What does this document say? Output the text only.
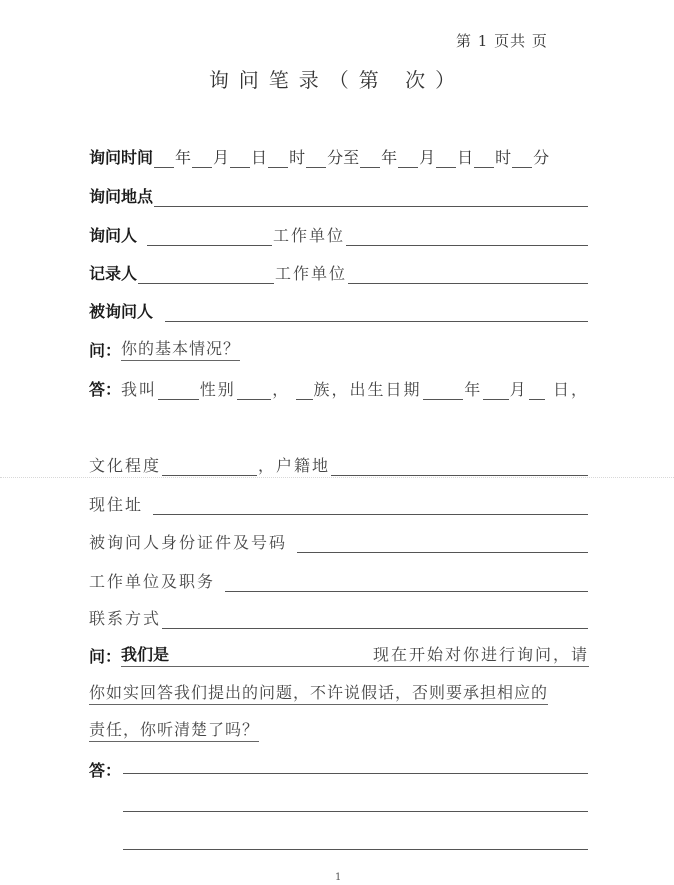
第 1 页共 页
询问笔录（第 次）
询问时间 年 月 日 时 分至 年 月 日 时 分
询问地点
询问人	工作单位
记录人	工作单位
被询问人
问： 你的基本情况？
答： 我叫	性别 ， 族，出生日期	年 月 日，
文化程度	，户籍地
现住址
被询问人身份证件及号码
工作单位及职务
联系方式
问： 我们是	现在开始对你进行询问，请
你如实回答我们提出的问题，不许说假话，否则要承担相应的
责任，你听清楚了吗？
答：
1
